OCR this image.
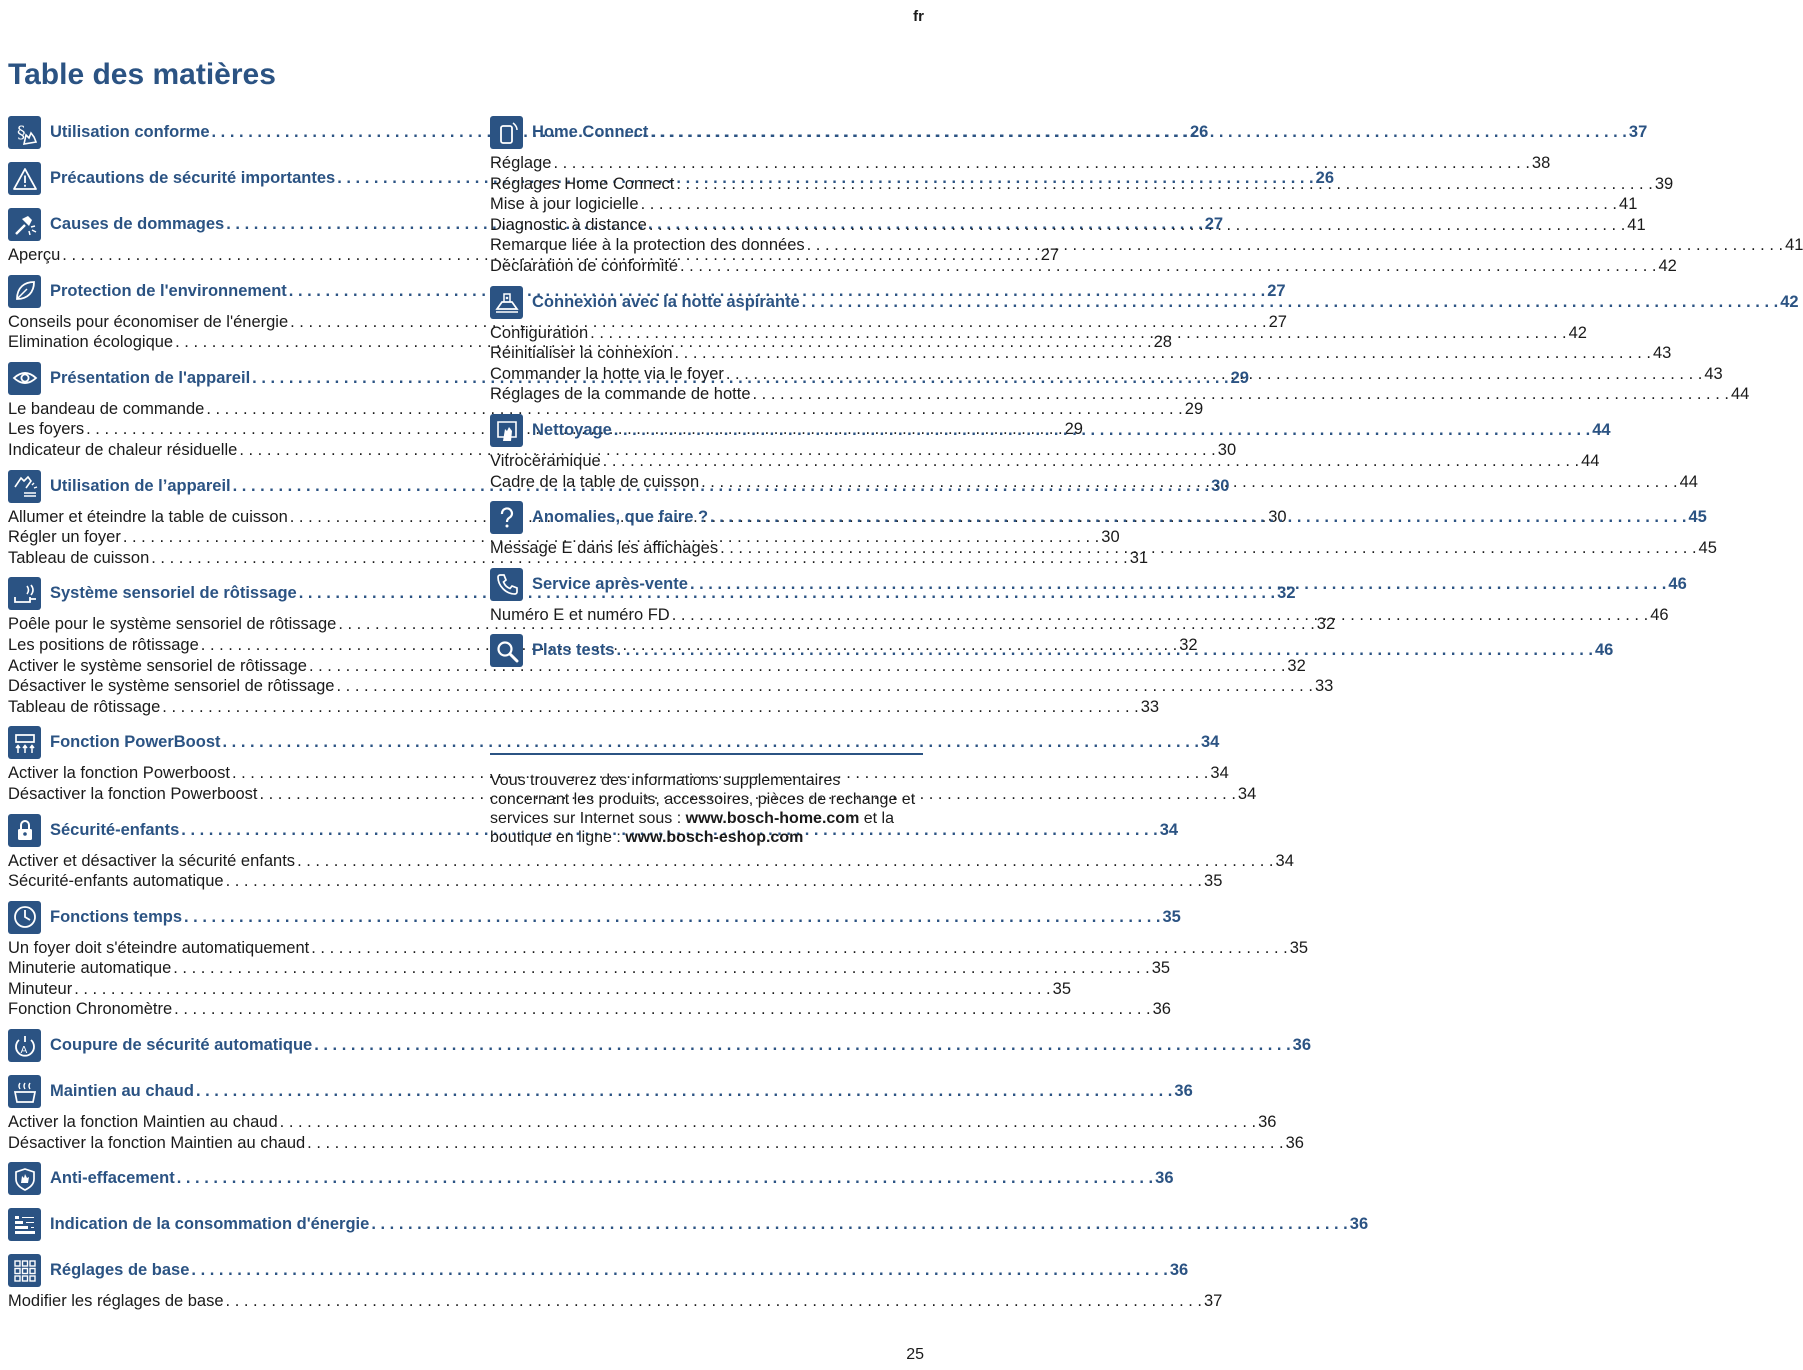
fr
Table des matières
§ Utilisation conforme . . .	26
Précautions de sécurité importantes . . .	26
Causes de dommages . . .	27
Aperçu . . .	27
Protection de l'environnement . . .	27
Conseils pour économiser de l'énergie . . .	27
Elimination écologique . . .	28
Présentation de l'appareil . . .	29
Le bandeau de commande . . .	29
Les foyers . . .	29
Indicateur de chaleur résiduelle . . .	30
Utilisation de l’appareil . . .	30
Allumer et éteindre la table de cuisson . . .	30
Régler un foyer . . .	30
Tableau de cuisson . . .	31
Système sensoriel de rôtissage . . .	32
Poêle pour le système sensoriel de rôtissage . . .	32
Les positions de rôtissage . . .	32
Activer le système sensoriel de rôtissage . . .	32
Désactiver le système sensoriel de rôtissage . . .	33
Tableau de rôtissage . . .	33
Fonction PowerBoost . . .	34
Activer la fonction Powerboost . . .	34
Désactiver la fonction Powerboost . . .	34
Sécurité-enfants . . .	34
Activer et désactiver la sécurité enfants . . .	34
Sécurité-enfants automatique . . .	35
Fonctions temps . . .	35
Un foyer doit s'éteindre automatiquement . . .	35
Minuterie automatique . . .	35
Minuteur . . .	35
Fonction Chronomètre . . .	36
A Coupure de sécurité automatique . . .	36
Maintien au chaud . . .	36
Activer la fonction Maintien au chaud . . .	36
Désactiver la fonction Maintien au chaud . . .	36
Anti-effacement . . .	36
Indication de la consommation d'énergie . . .	36
Réglages de base . . .	36
Modifier les réglages de base . . .	37
Home Connect . . .	37
Réglage . . .	38
Réglages Home Connect . . .	39
Mise à jour logicielle . . .	41
Diagnostic à distance . . .	41
Remarque liée à la protection des données . . .	41
Déclaration de conformité . . .	42
Connexion avec la hotte aspirante . . .	42
Configuration . . .	42
Réinitialiser la connexion . . .	43
Commander la hotte via le foyer . . .	43
Réglages de la commande de hotte . . .	44
Nettoyage . . .	44
Vitrocéramique . . .	44
Cadre de la table de cuisson . . .	44
Anomalies, que faire ? . . .	45
Message E dans les affichages . . .	45
Service après-vente . . .	46
Numéro E et numéro FD . . .	46
Plats tests . . .	46
Vous trouverez des informations supplementaires concernant les produits, accessoires, pièces de rechange et services sur Internet sous : www.bosch-home.com et la boutique en ligne : www.bosch-eshop.com
25
